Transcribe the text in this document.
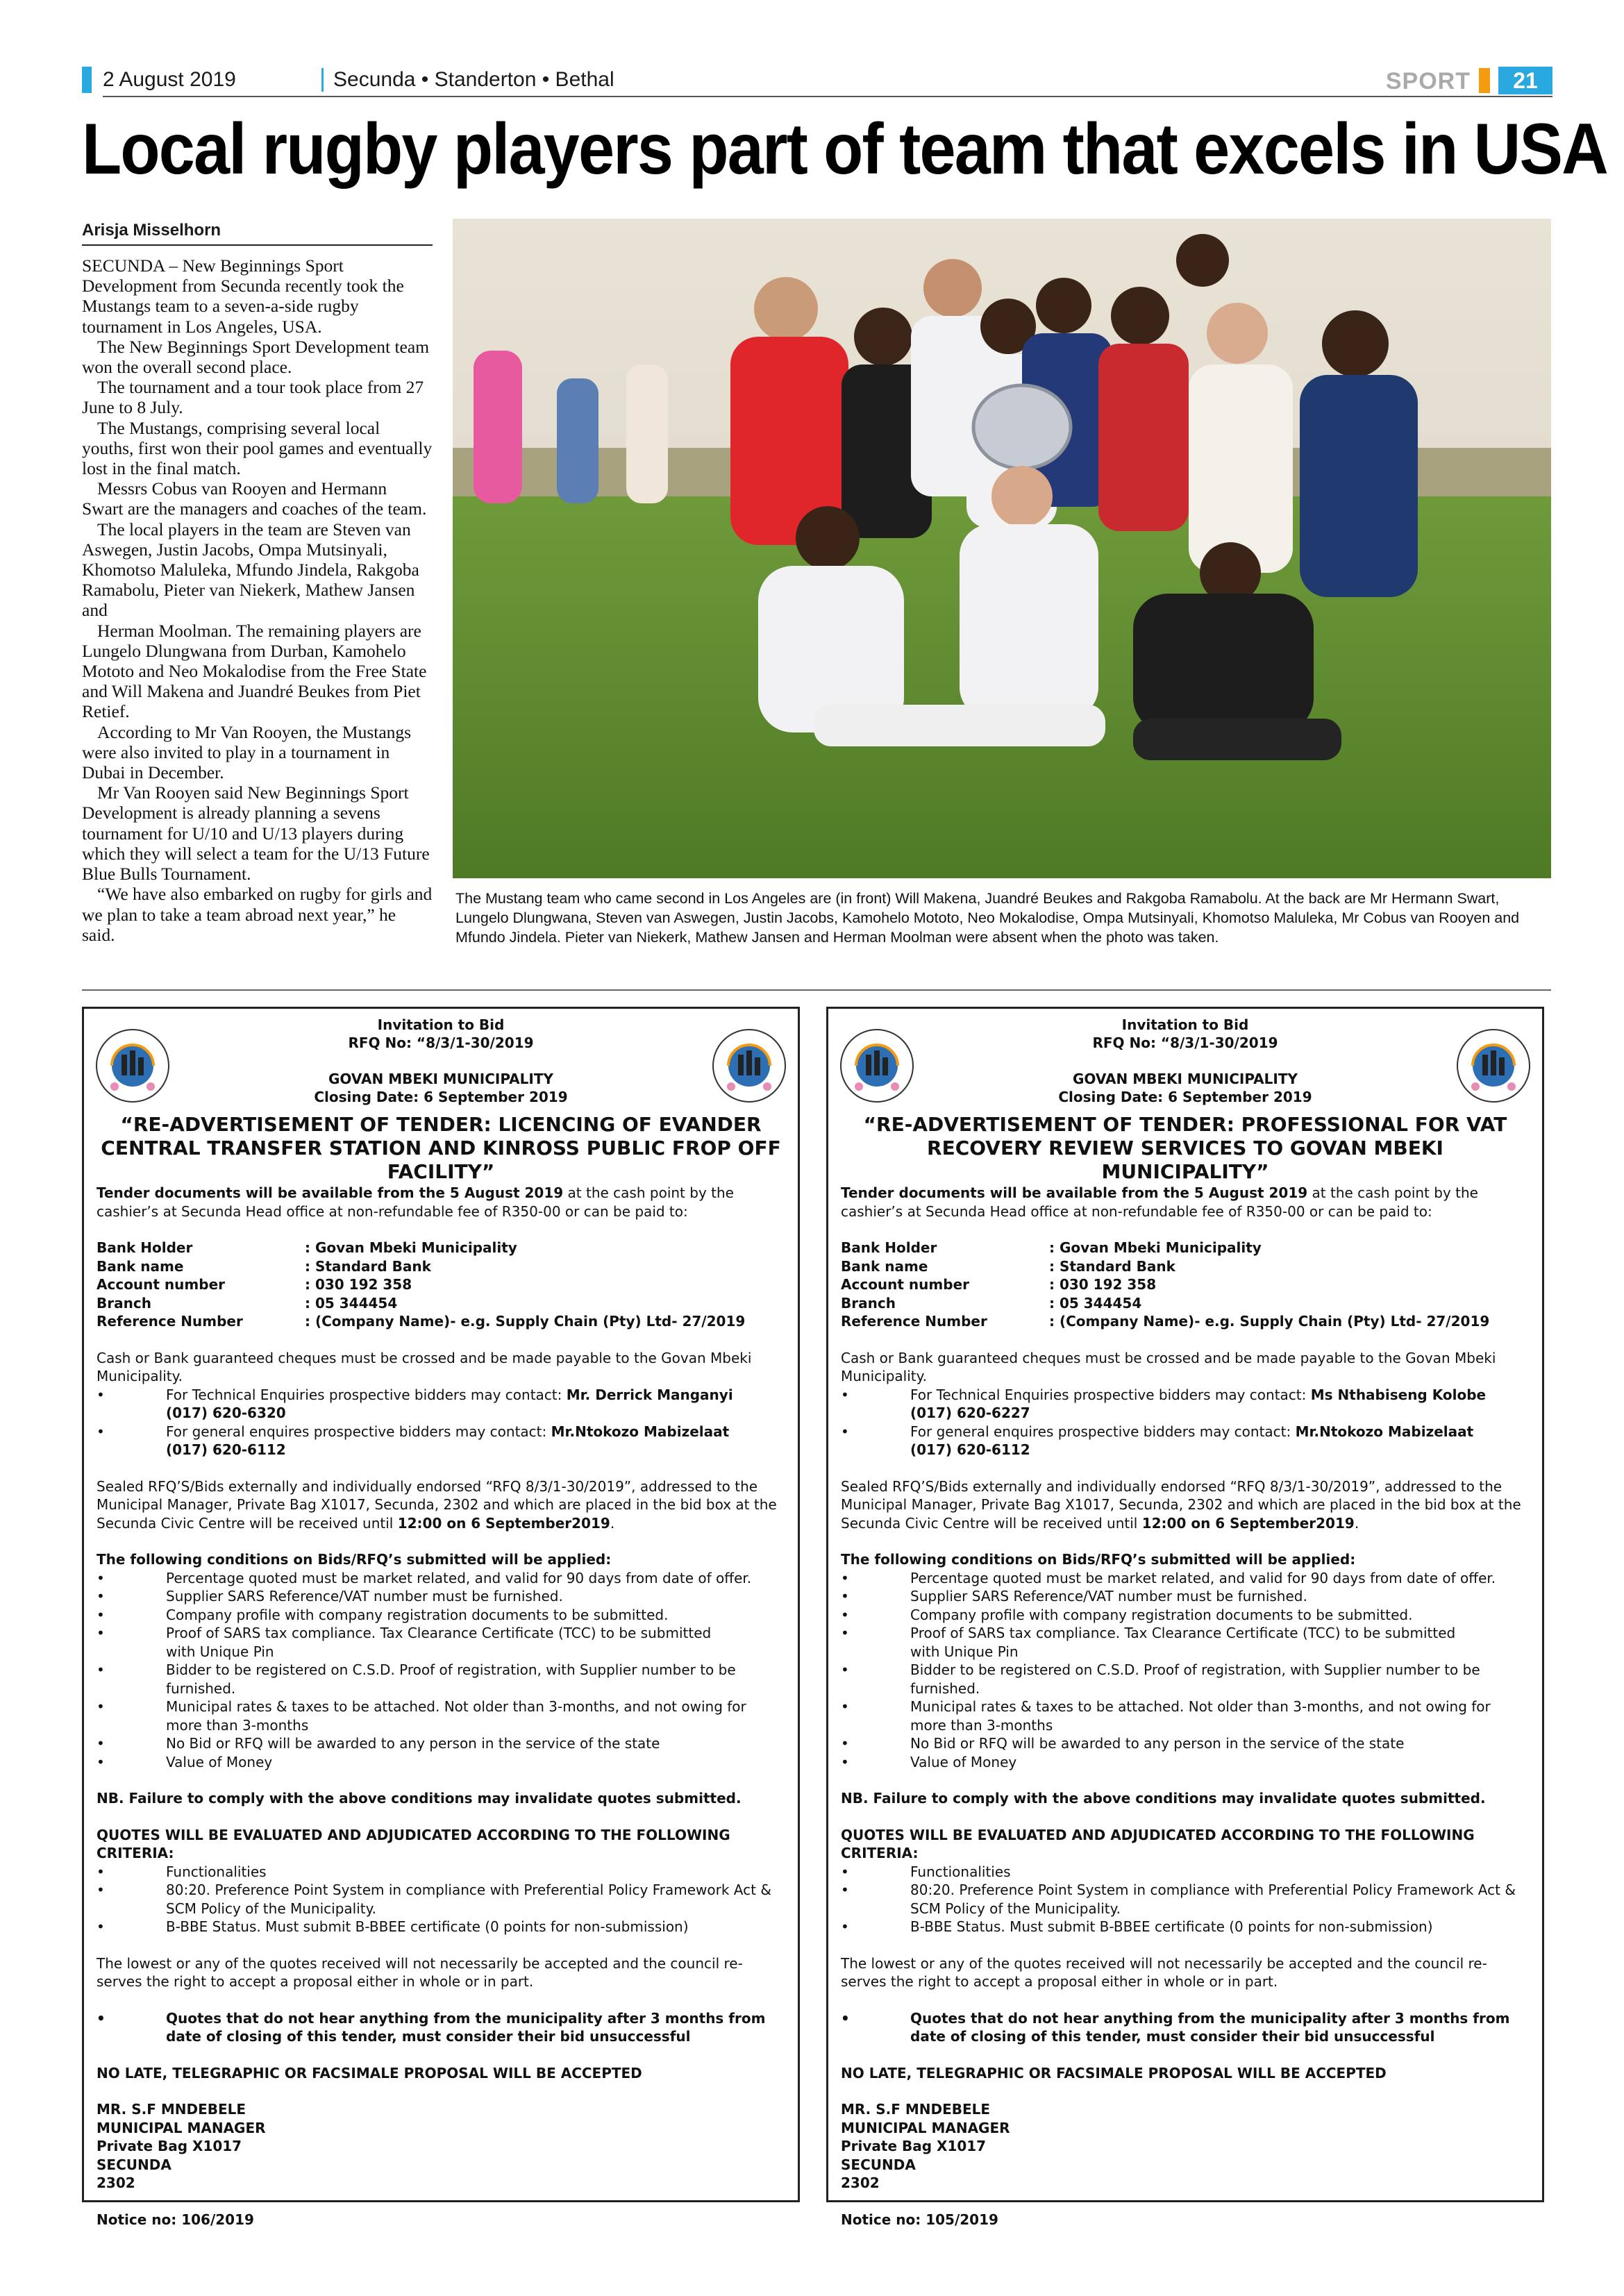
2 August 2019	Secunda • Standerton • Bethal	SPORT	21
Local rugby players part of team that excels in USA
Arisja Misselhorn

SECUNDA – New Beginnings Sport Development from Secunda recently took the Mustangs team to a seven-a-side rugby tournament in Los Angeles, USA.

The New Beginnings Sport Development team won the overall second place.

The tournament and a tour took place from 27 June to 8 July.

The Mustangs, comprising several local youths, first won their pool games and eventually lost in the final match.

Messrs Cobus van Rooyen and Hermann Swart are the managers and coaches of the team.

The local players in the team are Steven van Aswegen, Justin Jacobs, Ompa Mutsinyali, Khomotso Maluleka, Mfundo Jindela, Rakgoba Ramabolu, Pieter van Niekerk, Mathew Jansen and

Herman Moolman. The remaining players are Lungelo Dlungwana from Durban, Kamohelo Mototo and Neo Mokalodise from the Free State and Will Makena and Juandré Beukes from Piet Retief.

According to Mr Van Rooyen, the Mustangs were also invited to play in a tournament in Dubai in December.

Mr Van Rooyen said New Beginnings Sport Development is already planning a sevens tournament for U/10 and U/13 players during which they will select a team for the U/13 Future Blue Bulls Tournament.

“We have also embarked on rugby for girls and we plan to take a team abroad next year,” he said.

The Mustang team who came second in Los Angeles are (in front) Will Makena, Juandré Beukes and Rakgoba Ramabolu. At the back are Mr Hermann Swart, Lungelo Dlungwana, Steven van Aswegen, Justin Jacobs, Kamohelo Mototo, Neo Mokalodise, Ompa Mutsinyali, Khomotso Maluleka, Mr Cobus van Rooyen and Mfundo Jindela. Pieter van Niekerk, Mathew Jansen and Herman Moolman were absent when the photo was taken.
Invitation to Bid
RFQ No: “8/3/1-30/2019
GOVAN MBEKI MUNICIPALITY
Closing Date: 6 September 2019
“RE-ADVERTISEMENT OF TENDER: LICENCING OF EVANDER CENTRAL TRANSFER STATION AND KINROSS PUBLIC FROP OFF FACILITY”
Tender documents will be available from the 5 August 2019 at the cash point by the cashier’s at Secunda Head office at non-refundable fee of R350-00 or can be paid to:
Bank Holder	: Govan Mbeki Municipality
Bank name	: Standard Bank
Account number	: 030 192 358
Branch	: 05 344454
Reference Number	: (Company Name)- e.g. Supply Chain (Pty) Ltd- 27/2019
Cash or Bank guaranteed cheques must be crossed and be made payable to the Govan Mbeki Municipality.
•	For Technical Enquiries prospective bidders may contact: Mr. Derrick Manganyi
(017) 620-6320
•	For general enquires prospective bidders may contact: Mr.Ntokozo Mabizelaat
(017) 620-6112
Sealed RFQ’S/Bids externally and individually endorsed “RFQ 8/3/1-30/2019”, addressed to the Municipal Manager, Private Bag X1017, Secunda, 2302 and which are placed in the bid box at the Secunda Civic Centre will be received until 12:00 on 6 September2019.
The following conditions on Bids/RFQ’s submitted will be applied:
•	Percentage quoted must be market related, and valid for 90 days from date of offer.
•	Supplier SARS Reference/VAT number must be furnished.
•	Company profile with company registration documents to be submitted.
•	Proof of SARS tax compliance. Tax Clearance Certificate (TCC) to be submitted with Unique Pin
•	Bidder to be registered on C.S.D. Proof of registration, with Supplier number to be furnished.
•	Municipal rates & taxes to be attached. Not older than 3-months, and not owing for more than 3-months
•	No Bid or RFQ will be awarded to any person in the service of the state
•	Value of Money
NB. Failure to comply with the above conditions may invalidate quotes submitted.
QUOTES WILL BE EVALUATED AND ADJUDICATED ACCORDING TO THE FOLLOWING CRITERIA:
•	Functionalities
•	80:20. Preference Point System in compliance with Preferential Policy Framework Act & SCM Policy of the Municipality.
•	B-BBE Status. Must submit B-BBEE certificate (0 points for non-submission)
The lowest or any of the quotes received will not necessarily be accepted and the council re-serves the right to accept a proposal either in whole or in part.
•	Quotes that do not hear anything from the municipality after 3 months from date of closing of this tender, must consider their bid unsuccessful
NO LATE, TELEGRAPHIC OR FACSIMALE PROPOSAL WILL BE ACCEPTED
MR. S.F MNDEBELE
MUNICIPAL MANAGER
Private Bag X1017
SECUNDA
2302
Notice no: 106/2019
Invitation to Bid
RFQ No: “8/3/1-30/2019
GOVAN MBEKI MUNICIPALITY
Closing Date: 6 September 2019
“RE-ADVERTISEMENT OF TENDER: PROFESSIONAL FOR VAT RECOVERY REVIEW SERVICES TO GOVAN MBEKI MUNICIPALITY”
Tender documents will be available from the 5 August 2019 at the cash point by the cashier’s at Secunda Head office at non-refundable fee of R350-00 or can be paid to:
Bank Holder	: Govan Mbeki Municipality
Bank name	: Standard Bank
Account number	: 030 192 358
Branch	: 05 344454
Reference Number	: (Company Name)- e.g. Supply Chain (Pty) Ltd- 27/2019
Cash or Bank guaranteed cheques must be crossed and be made payable to the Govan Mbeki Municipality.
•	For Technical Enquiries prospective bidders may contact: Ms Nthabiseng Kolobe
(017) 620-6227
•	For general enquires prospective bidders may contact: Mr.Ntokozo Mabizelaat
(017) 620-6112
Sealed RFQ’S/Bids externally and individually endorsed “RFQ 8/3/1-30/2019”, addressed to the Municipal Manager, Private Bag X1017, Secunda, 2302 and which are placed in the bid box at the Secunda Civic Centre will be received until 12:00 on 6 September2019.
The following conditions on Bids/RFQ’s submitted will be applied:
•	Percentage quoted must be market related, and valid for 90 days from date of offer.
•	Supplier SARS Reference/VAT number must be furnished.
•	Company profile with company registration documents to be submitted.
•	Proof of SARS tax compliance. Tax Clearance Certificate (TCC) to be submitted with Unique Pin
•	Bidder to be registered on C.S.D. Proof of registration, with Supplier number to be furnished.
•	Municipal rates & taxes to be attached. Not older than 3-months, and not owing for more than 3-months
•	No Bid or RFQ will be awarded to any person in the service of the state
•	Value of Money
NB. Failure to comply with the above conditions may invalidate quotes submitted.
QUOTES WILL BE EVALUATED AND ADJUDICATED ACCORDING TO THE FOLLOWING CRITERIA:
•	Functionalities
•	80:20. Preference Point System in compliance with Preferential Policy Framework Act & SCM Policy of the Municipality.
•	B-BBE Status. Must submit B-BBEE certificate (0 points for non-submission)
The lowest or any of the quotes received will not necessarily be accepted and the council re-serves the right to accept a proposal either in whole or in part.
•	Quotes that do not hear anything from the municipality after 3 months from date of closing of this tender, must consider their bid unsuccessful
NO LATE, TELEGRAPHIC OR FACSIMALE PROPOSAL WILL BE ACCEPTED
MR. S.F MNDEBELE
MUNICIPAL MANAGER
Private Bag X1017
SECUNDA
2302
Notice no: 105/2019
